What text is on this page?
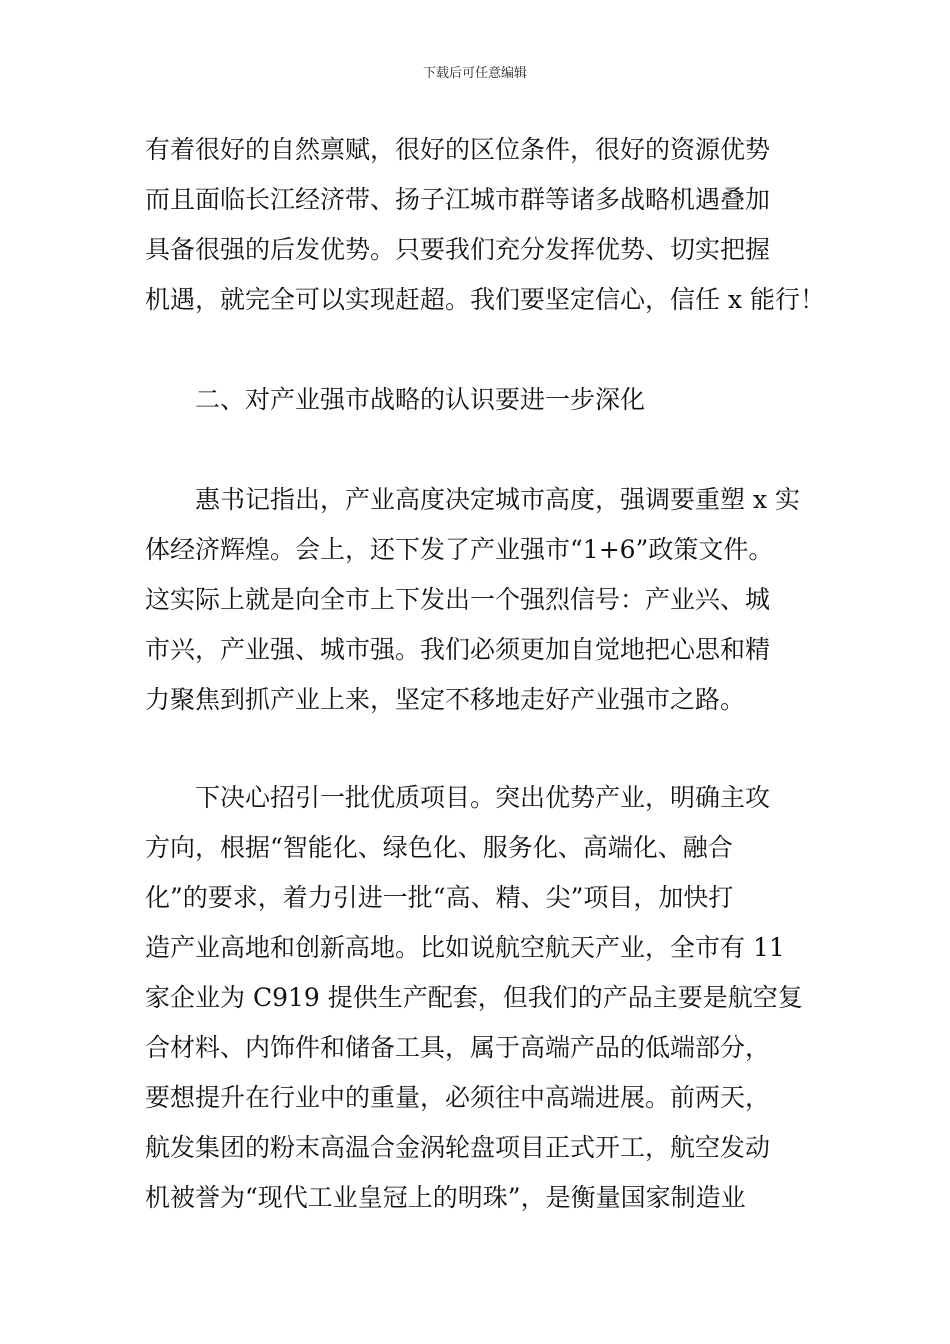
下载后可任意编辑
有着很好的自然禀赋，很好的区位条件，很好的资源优势
而且面临长江经济带、扬子江城市群等诸多战略机遇叠加
具备很强的后发优势。只要我们充分发挥优势、切实把握
机遇，就完全可以实现赶超。我们要坚定信心，信任 x 能行！
二、对产业强市战略的认识要进一步深化
惠书记指出，产业高度决定城市高度，强调要重塑 x 实
体经济辉煌。会上，还下发了产业强市“1+6”政策文件。
这实际上就是向全市上下发出一个强烈信号：产业兴、城
市兴，产业强、城市强。我们必须更加自觉地把心思和精
力聚焦到抓产业上来，坚定不移地走好产业强市之路。
下决心招引一批优质项目。突出优势产业，明确主攻
方向，根据“智能化、绿色化、服务化、高端化、融合
化”的要求，着力引进一批“高、精、尖”项目，加快打
造产业高地和创新高地。比如说航空航天产业，全市有 11
家企业为 C919 提供生产配套，但我们的产品主要是航空复
合材料、内饰件和储备工具，属于高端产品的低端部分，
要想提升在行业中的重量，必须往中高端进展。前两天，
航发集团的粉末高温合金涡轮盘项目正式开工，航空发动
机被誉为“现代工业皇冠上的明珠”，是衡量国家制造业
